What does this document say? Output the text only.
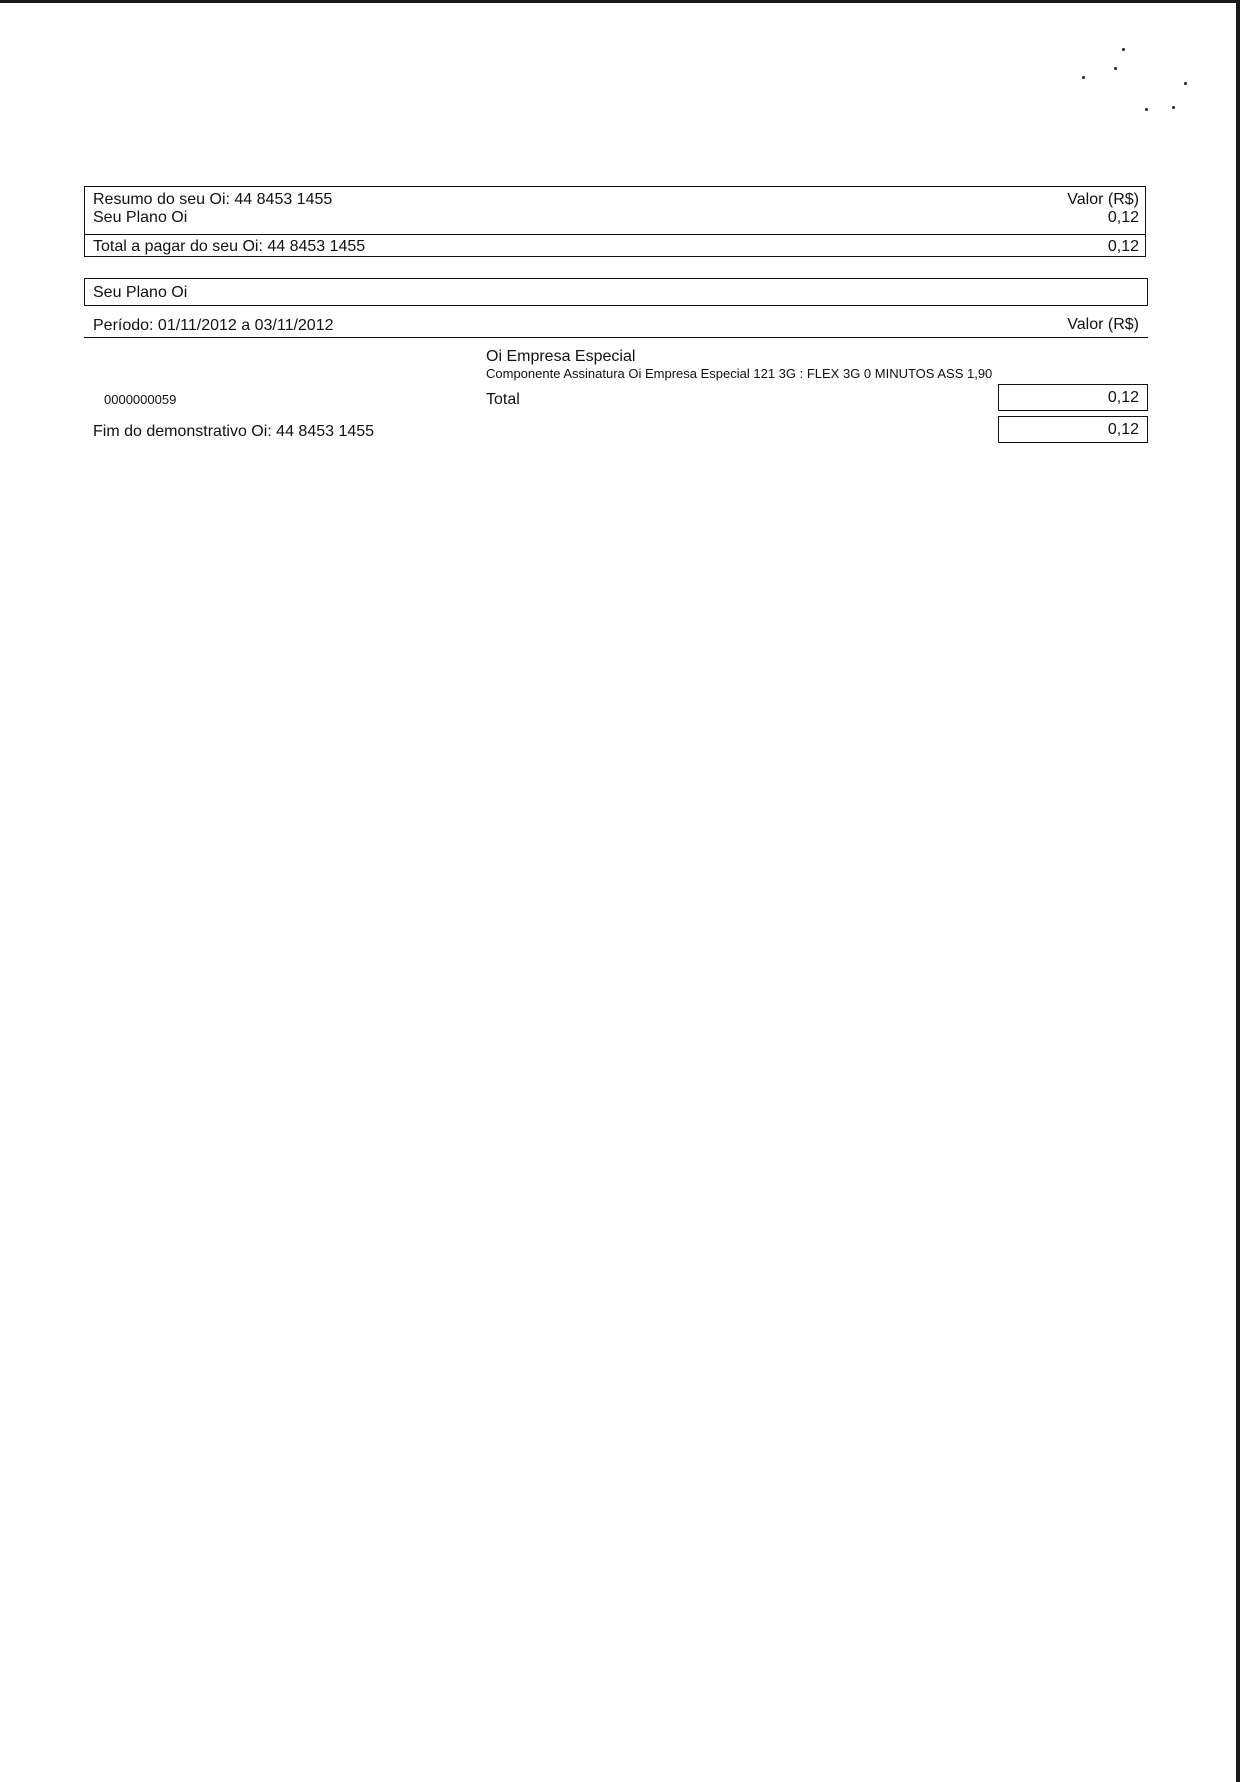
Resumo do seu Oi: 44 8453 1455	Valor (R$)
Seu Plano Oi	0,12
Total a pagar do seu Oi: 44 8453 1455	0,12
Seu Plano Oi
Período: 01/11/2012 a 03/11/2012	Valor (R$)
Oi Empresa Especial
Componente Assinatura Oi Empresa Especial 121 3G : FLEX 3G 0 MINUTOS ASS 1,90
0000000059	Total	0,12
Fim do demonstrativo Oi: 44 8453 1455	0,12
